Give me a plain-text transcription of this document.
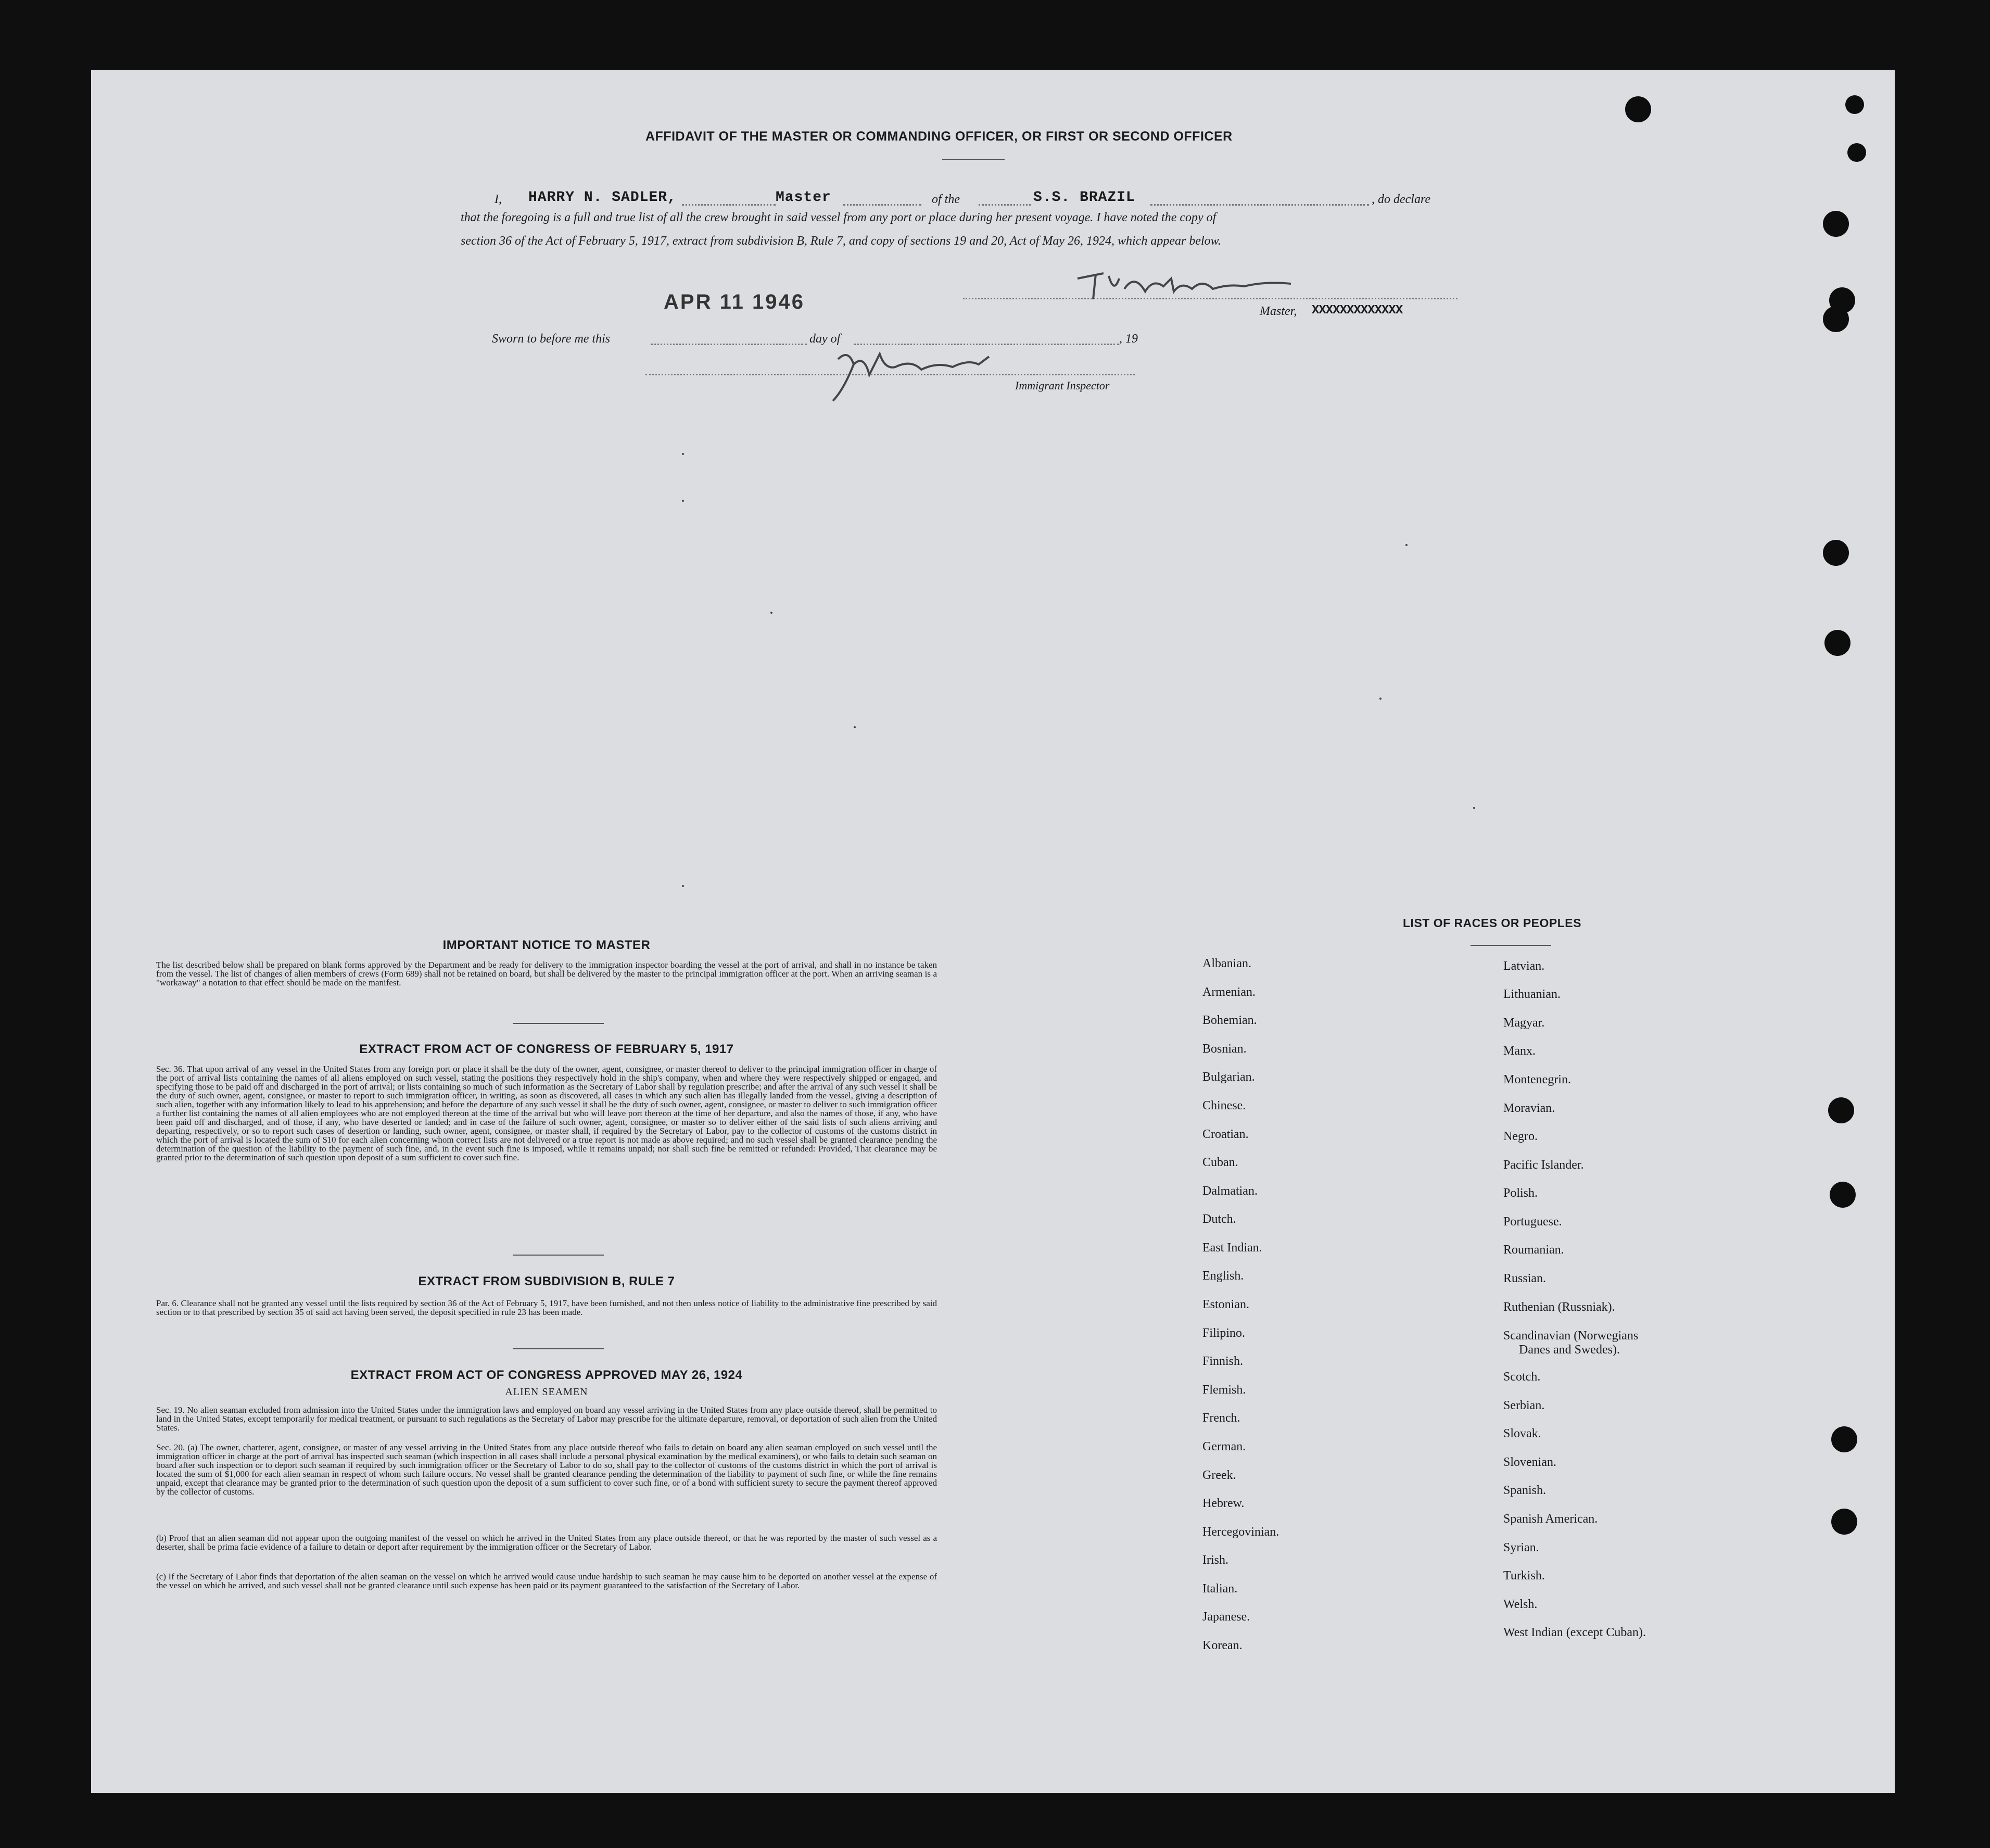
AFFIDAVIT OF THE MASTER OR COMMANDING OFFICER, OR FIRST OR SECOND OFFICER
I, HARRY N. SADLER,	Master	of the	S.S. BRAZIL	, do declare
that the foregoing is a full and true list of all the crew brought in said vessel from any port or place during her present voyage. I have noted the copy of
section 36 of the Act of February 5, 1917, extract from subdivision B, Rule 7, and copy of sections 19 and 20, Act of May 26, 1924, which appear below.
APR 11 1946	Master, XXXXXXXXXXXXX
Sworn to before me this	day of	, 19
Immigrant Inspector
IMPORTANT NOTICE TO MASTER
The list described below shall be prepared on blank forms approved by the Department and be ready for delivery to the immigration inspector boarding the vessel at the port of arrival, and shall in no instance be taken from the vessel. The list of changes of alien members of crews (Form 689) shall not be retained on board, but shall be delivered by the master to the principal immigration officer at the port. When an arriving seaman is a "workaway" a notation to that effect should be made on the manifest.
EXTRACT FROM ACT OF CONGRESS OF FEBRUARY 5, 1917
Sec. 36. That upon arrival of any vessel in the United States from any foreign port or place it shall be the duty of the owner, agent, consignee, or master thereof to deliver to the principal immigration officer in charge of the port of arrival lists containing the names of all aliens employed on such vessel, stating the positions they respectively hold in the ship's company, when and where they were respectively shipped or engaged, and specifying those to be paid off and discharged in the port of arrival; or lists containing so much of such information as the Secretary of Labor shall by regulation prescribe; and after the arrival of any such vessel it shall be the duty of such owner, agent, consignee, or master to report to such immigration officer, in writing, as soon as discovered, all cases in which any such alien has illegally landed from the vessel, giving a description of such alien, together with any information likely to lead to his apprehension; and before the departure of any such vessel it shall be the duty of such owner, agent, consignee, or master to deliver to such immigration officer a further list containing the names of all alien employees who are not employed thereon at the time of the arrival but who will leave port thereon at the time of her departure, and also the names of those, if any, who have been paid off and discharged, and of those, if any, who have deserted or landed; and in case of the failure of such owner, agent, consignee, or master so to deliver either of the said lists of such aliens arriving and departing, respectively, or so to report such cases of desertion or landing, such owner, agent, consignee, or master shall, if required by the Secretary of Labor, pay to the collector of customs of the customs district in which the port of arrival is located the sum of $10 for each alien concerning whom correct lists are not delivered or a true report is not made as above required; and no such vessel shall be granted clearance pending the determination of the question of the liability to the payment of such fine, and, in the event such fine is imposed, while it remains unpaid; nor shall such fine be remitted or refunded: Provided, That clearance may be granted prior to the determination of such question upon deposit of a sum sufficient to cover such fine.
EXTRACT FROM SUBDIVISION B, RULE 7
Par. 6. Clearance shall not be granted any vessel until the lists required by section 36 of the Act of February 5, 1917, have been furnished, and not then unless notice of liability to the administrative fine prescribed by said section or to that prescribed by section 35 of said act having been served, the deposit specified in rule 23 has been made.
EXTRACT FROM ACT OF CONGRESS APPROVED MAY 26, 1924
ALIEN SEAMEN
Sec. 19. No alien seaman excluded from admission into the United States under the immigration laws and employed on board any vessel arriving in the United States from any place outside thereof, shall be permitted to land in the United States, except temporarily for medical treatment, or pursuant to such regulations as the Secretary of Labor may prescribe for the ultimate departure, removal, or deportation of such alien from the United States.
Sec. 20. (a) The owner, charterer, agent, consignee, or master of any vessel arriving in the United States from any place outside thereof who fails to detain on board any alien seaman employed on such vessel until the immigration officer in charge at the port of arrival has inspected such seaman (which inspection in all cases shall include a personal physical examination by the medical examiners), or who fails to detain such seaman on board after such inspection or to deport such seaman if required by such immigration officer or the Secretary of Labor to do so, shall pay to the collector of customs of the customs district in which the port of arrival is located the sum of $1,000 for each alien seaman in respect of whom such failure occurs. No vessel shall be granted clearance pending the determination of the liability to payment of such fine, or while the fine remains unpaid, except that clearance may be granted prior to the determination of such question upon the deposit of a sum sufficient to cover such fine, or of a bond with sufficient surety to secure the payment thereof approved by the collector of customs.
(b) Proof that an alien seaman did not appear upon the outgoing manifest of the vessel on which he arrived in the United States from any place outside thereof, or that he was reported by the master of such vessel as a deserter, shall be prima facie evidence of a failure to detain or deport after requirement by the immigration officer or the Secretary of Labor.
(c) If the Secretary of Labor finds that deportation of the alien seaman on the vessel on which he arrived would cause undue hardship to such seaman he may cause him to be deported on another vessel at the expense of the vessel on which he arrived, and such vessel shall not be granted clearance until such expense has been paid or its payment guaranteed to the satisfaction of the Secretary of Labor.
LIST OF RACES OR PEOPLES
Albanian.
Armenian.
Bohemian.
Bosnian.
Bulgarian.
Chinese.
Croatian.
Cuban.
Dalmatian.
Dutch.
East Indian.
English.
Estonian.
Filipino.
Finnish.
Flemish.
French.
German.
Greek.
Hebrew.
Hercegovinian.
Irish.
Italian.
Japanese.
Korean.
Latvian.
Lithuanian.
Magyar.
Manx.
Montenegrin.
Moravian.
Negro.
Pacific Islander.
Polish.
Portuguese.
Roumanian.
Russian.
Ruthenian (Russniak).
Scandinavian (Norwegians
Danes and Swedes).
Scotch.
Serbian.
Slovak.
Slovenian.
Spanish.
Spanish American.
Syrian.
Turkish.
Welsh.
West Indian (except Cuban).
